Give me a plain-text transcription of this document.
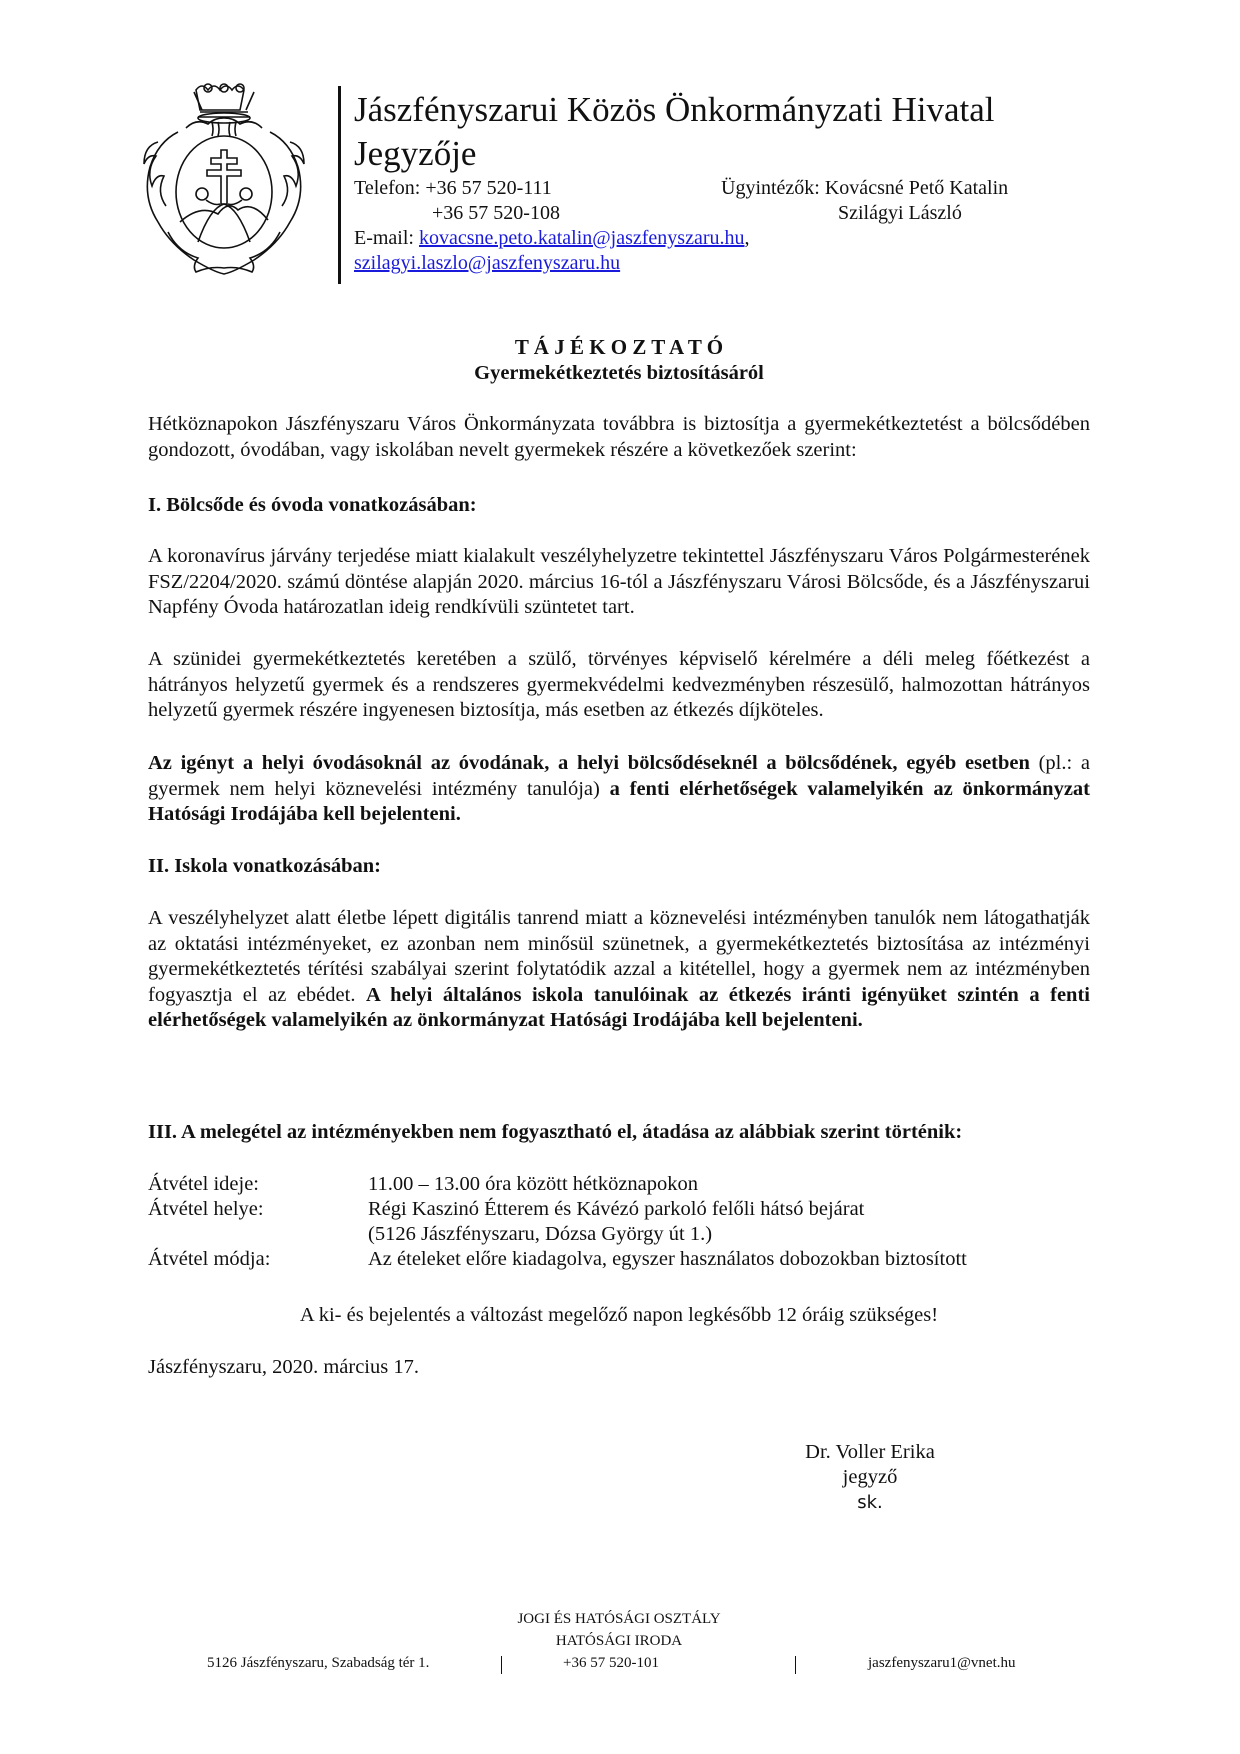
Jászfényszarui Közös Önkormányzati Hivatal
Jegyzője
Telefon: +36 57 520-111
+36 57 520-108
Ügyintézők: Kovácsné Pető Katalin
Szilágyi László
E-mail: kovacsne.peto.katalin@jaszfenyszaru.hu,
szilagyi.laszlo@jaszfenyszaru.hu
T Á J É K O Z T A T Ó
Gyermekétkeztetés biztosításáról
Hétköznapokon Jászfényszaru Város Önkormányzata továbbra is biztosítja a gyermekétkeztetést a bölcsődében gondozott, óvodában, vagy iskolában nevelt gyermekek részére a következőek szerint:
I. Bölcsőde és óvoda vonatkozásában:
A koronavírus járvány terjedése miatt kialakult veszélyhelyzetre tekintettel Jászfényszaru Város Polgármesterének FSZ/2204/2020. számú döntése alapján 2020. március 16-tól a Jászfényszaru Városi Bölcsőde, és a Jászfényszarui Napfény Óvoda határozatlan ideig rendkívüli szüntetet tart.
A szünidei gyermekétkeztetés keretében a szülő, törvényes képviselő kérelmére a déli meleg főétkezést a hátrányos helyzetű gyermek és a rendszeres gyermekvédelmi kedvezményben részesülő, halmozottan hátrányos helyzetű gyermek részére ingyenesen biztosítja, más esetben az étkezés díjköteles.
Az igényt a helyi óvodásoknál az óvodának, a helyi bölcsődéseknél a bölcsődének, egyéb esetben (pl.: a gyermek nem helyi köznevelési intézmény tanulója) a fenti elérhetőségek valamelyikén az önkormányzat Hatósági Irodájába kell bejelenteni.
II. Iskola vonatkozásában:
A veszélyhelyzet alatt életbe lépett digitális tanrend miatt a köznevelési intézményben tanulók nem látogathatják az oktatási intézményeket, ez azonban nem minősül szünetnek, a gyermekétkeztetés biztosítása az intézményi gyermekétkeztetés térítési szabályai szerint folytatódik azzal a kitétellel, hogy a gyermek nem az intézményben fogyasztja el az ebédet. A helyi általános iskola tanulóinak az étkezés iránti igényüket szintén a fenti elérhetőségek valamelyikén az önkormányzat Hatósági Irodájába kell bejelenteni.
III. A melegétel az intézményekben nem fogyasztható el, átadása az alábbiak szerint történik:
Átvétel ideje:	11.00 – 13.00 óra között hétköznapokon
Átvétel helye:	Régi Kaszinó Étterem és Kávézó parkoló felőli hátsó bejárat
(5126 Jászfényszaru, Dózsa György út 1.)
Átvétel módja:	Az ételeket előre kiadagolva, egyszer használatos dobozokban biztosított
A ki- és bejelentés a változást megelőző napon legkésőbb 12 óráig szükséges!
Jászfényszaru, 2020. március 17.
Dr. Voller Erika
jegyző
sk.
JOGI ÉS HATÓSÁGI OSZTÁLY
HATÓSÁGI IRODA
5126 Jászfényszaru, Szabadság tér 1.	+36 57 520-101	jaszfenyszaru1@vnet.hu
